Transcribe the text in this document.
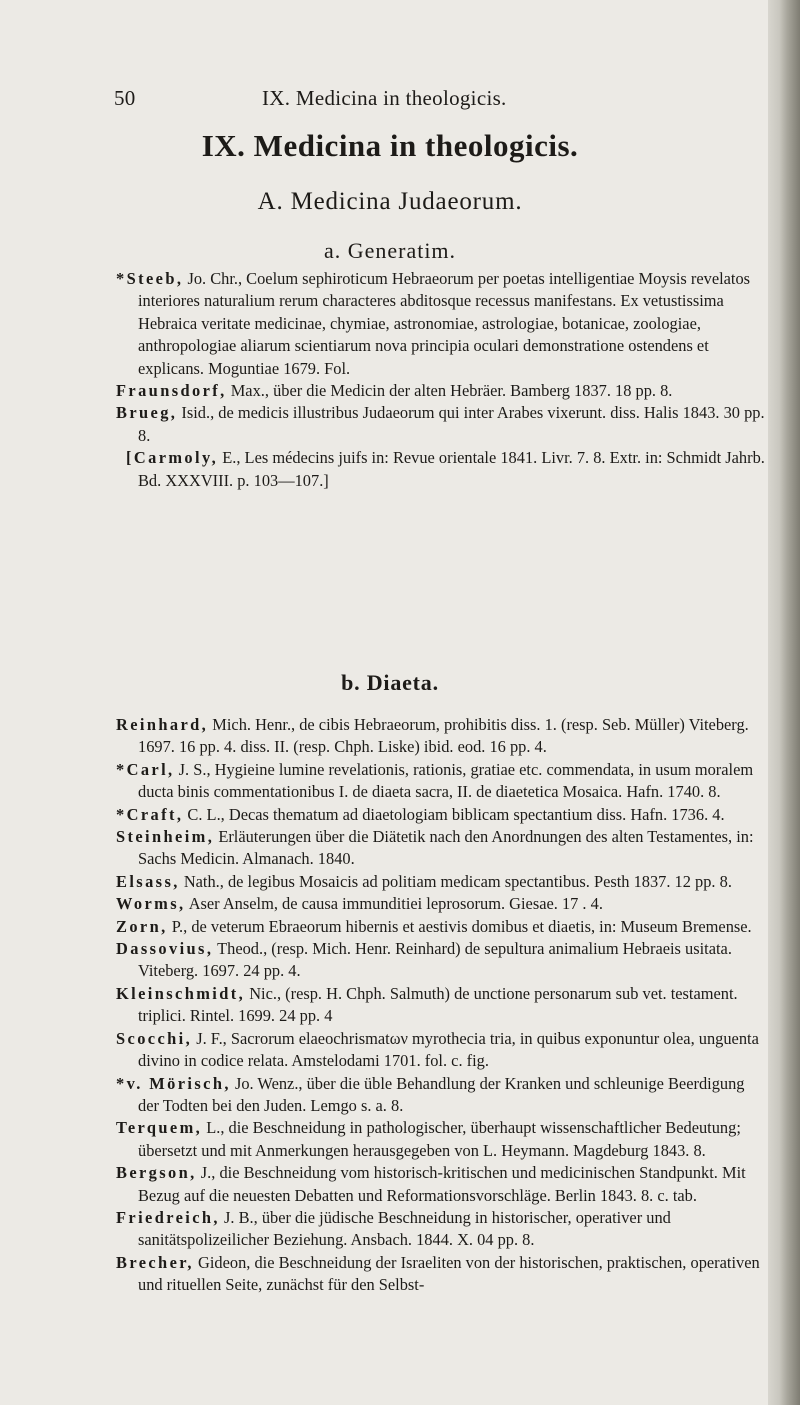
50	IX. Medicina in theologicis.
IX. Medicina in theologicis.
A. Medicina Judaeorum.
a. Generatim.

*Steeb, Jo. Chr., Coelum sephiroticum Hebraeorum per poetas intelligentiae Moysis revelatos interiores naturalium rerum characteres abditosque recessus manifestans. Ex vetustissima Hebraica veritate medicinae, chymiae, astronomiae, astrologiae, botanicae, zoologiae, anthropologiae aliarum scientiarum nova principia oculari demonstratione ostendens et explicans. Moguntiae 1679. Fol.

Fraunsdorf, Max., über die Medicin der alten Hebräer. Bamberg 1837. 18 pp. 8.

Brueg, Isid., de medicis illustribus Judaeorum qui inter Arabes vixerunt. diss. Halis 1843. 30 pp. 8.

[Carmoly, E., Les médecins juifs in: Revue orientale 1841. Livr. 7. 8. Extr. in: Schmidt Jahrb. Bd. XXXVIII. p. 103—107.]

b. Diaeta.

Reinhard, Mich. Henr., de cibis Hebraeorum, prohibitis diss. 1. (resp. Seb. Müller) Viteberg. 1697. 16 pp. 4. diss. II. (resp. Chph. Liske) ibid. eod. 16 pp. 4.

*Carl, J. S., Hygieine lumine revelationis, rationis, gratiae etc. commendata, in usum moralem ducta binis commentationibus I. de diaeta sacra, II. de diaetetica Mosaica. Hafn. 1740. 8.

*Craft, C. L., Decas thematum ad diaetologiam biblicam spectantium diss. Hafn. 1736. 4.

Steinheim, Erläuterungen über die Diätetik nach den Anordnungen des alten Testamentes, in: Sachs Medicin. Almanach. 1840.

Elsass, Nath., de legibus Mosaicis ad politiam medicam spectantibus. Pesth 1837. 12 pp. 8.

Worms, Aser Anselm, de causa immunditiei leprosorum. Giesae. 17 . 4.

Zorn, P., de veterum Ebraeorum hibernis et aestivis domibus et diaetis, in: Museum Bremense.

Dassovius, Theod., (resp. Mich. Henr. Reinhard) de sepultura animalium Hebraeis usitata. Viteberg. 1697. 24 pp. 4.

Kleinschmidt, Nic., (resp. H. Chph. Salmuth) de unctione personarum sub vet. testament. triplici. Rintel. 1699. 24 pp. 4

Scocchi, J. F., Sacrorum elaeochrismatων myrothecia tria, in quibus exponuntur olea, unguenta divino in codice relata. Amstelodami 1701. fol. c. fig.

*v. Mörisch, Jo. Wenz., über die üble Behandlung der Kranken und schleunige Beerdigung der Todten bei den Juden. Lemgo s. a. 8.

Terquem, L., die Beschneidung in pathologischer, überhaupt wissenschaftlicher Bedeutung; übersetzt und mit Anmerkungen herausgegeben von L. Heymann. Magdeburg 1843. 8.

Bergson, J., die Beschneidung vom historisch-kritischen und medicinischen Standpunkt. Mit Bezug auf die neuesten Debatten und Reformationsvorschläge. Berlin 1843. 8. c. tab.

Friedreich, J. B., über die jüdische Beschneidung in historischer, operativer und sanitätspolizeilicher Beziehung. Ansbach. 1844. X. 04 pp. 8.

Brecher, Gideon, die Beschneidung der Israeliten von der historischen, praktischen, operativen und rituellen Seite, zunächst für den Selbst-
